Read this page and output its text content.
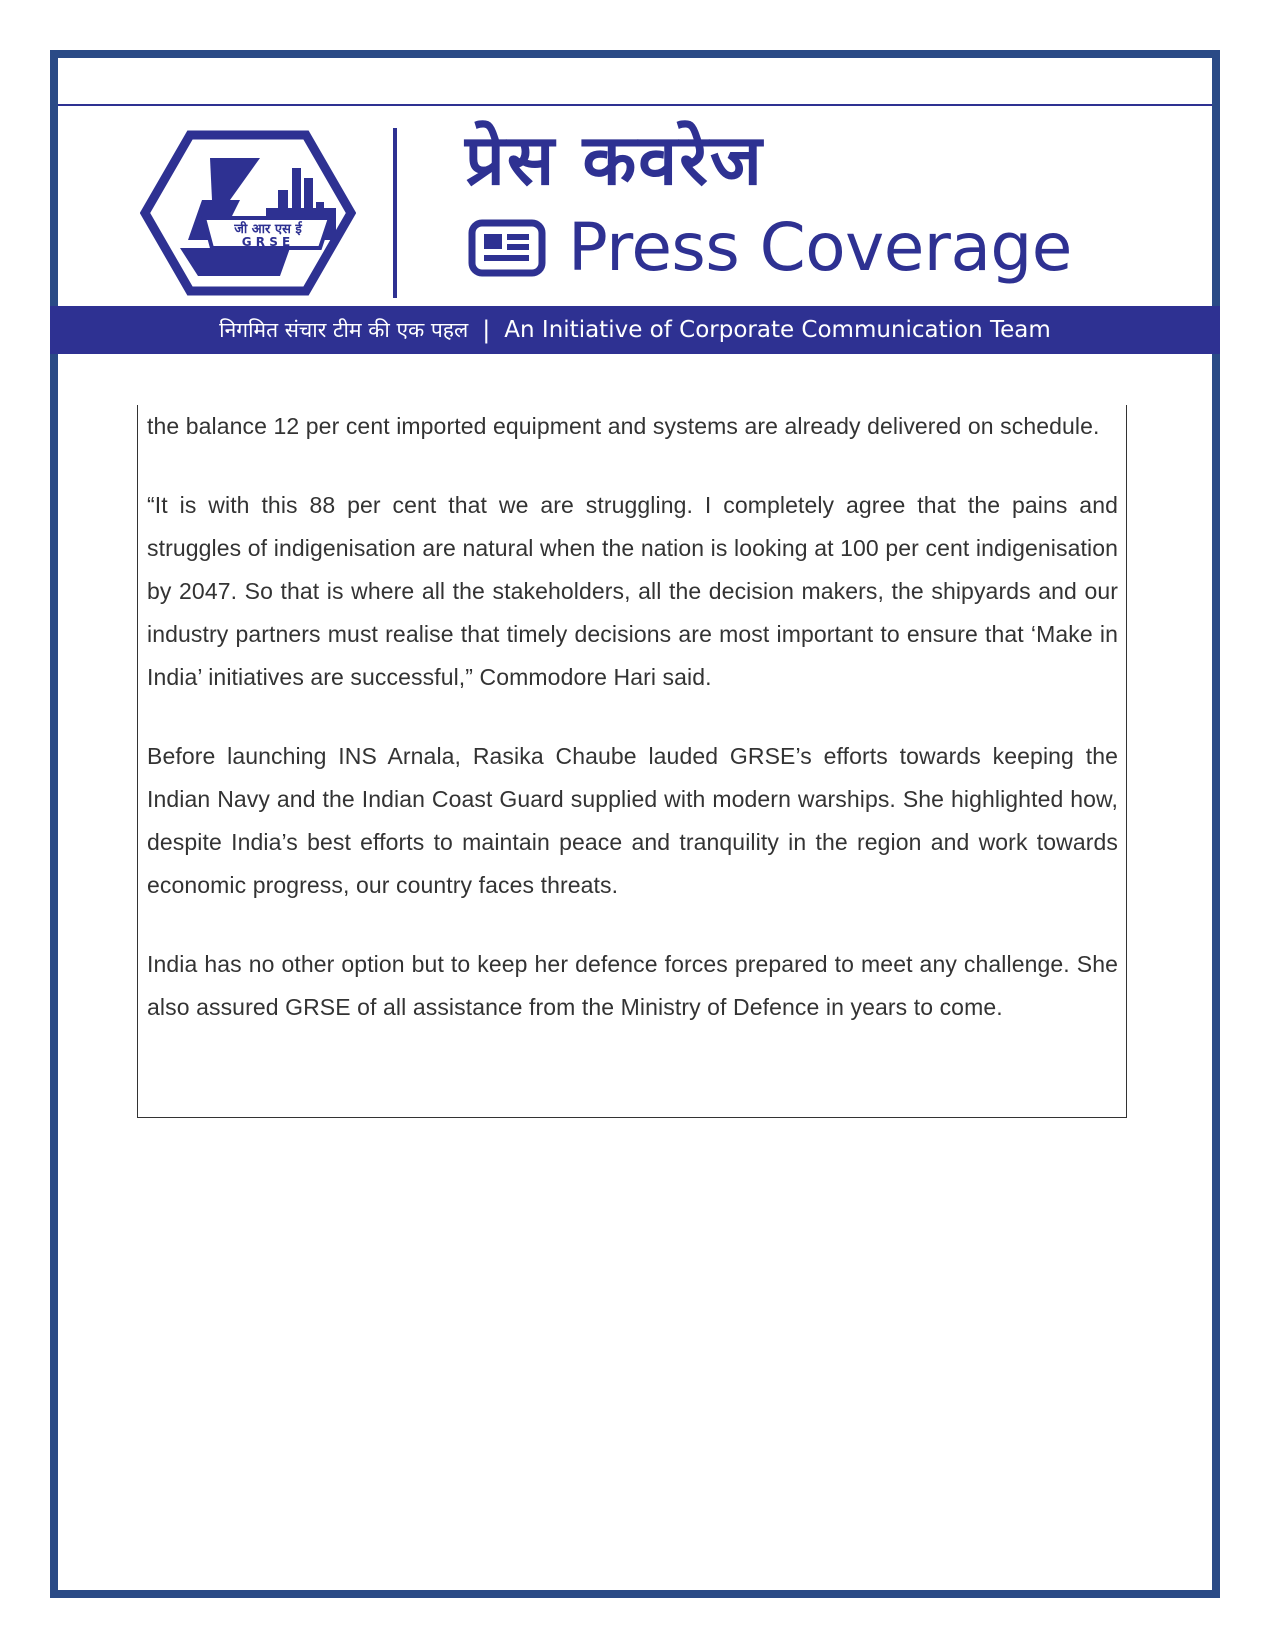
जी आर एस ई
G R S E
प्रेस कवरेज
Press Coverage
निगमित संचार टीम की एक पहल | An Initiative of Corporate Communication Team

the balance 12 per cent imported equipment and systems are already delivered on schedule.

“It is with this 88 per cent that we are struggling. I completely agree that the pains and struggles of indigenisation are natural when the nation is looking at 100 per cent indigenisation by 2047. So that is where all the stakeholders, all the decision makers, the shipyards and our industry partners must realise that timely decisions are most important to ensure that ‘Make in India’ initiatives are successful,” Commodore Hari said.

Before launching INS Arnala, Rasika Chaube lauded GRSE’s efforts towards keeping the Indian Navy and the Indian Coast Guard supplied with modern warships. She highlighted how, despite India’s best efforts to maintain peace and tranquility in the region and work towards economic progress, our country faces threats.

India has no other option but to keep her defence forces prepared to meet any challenge. She also assured GRSE of all assistance from the Ministry of Defence in years to come.
